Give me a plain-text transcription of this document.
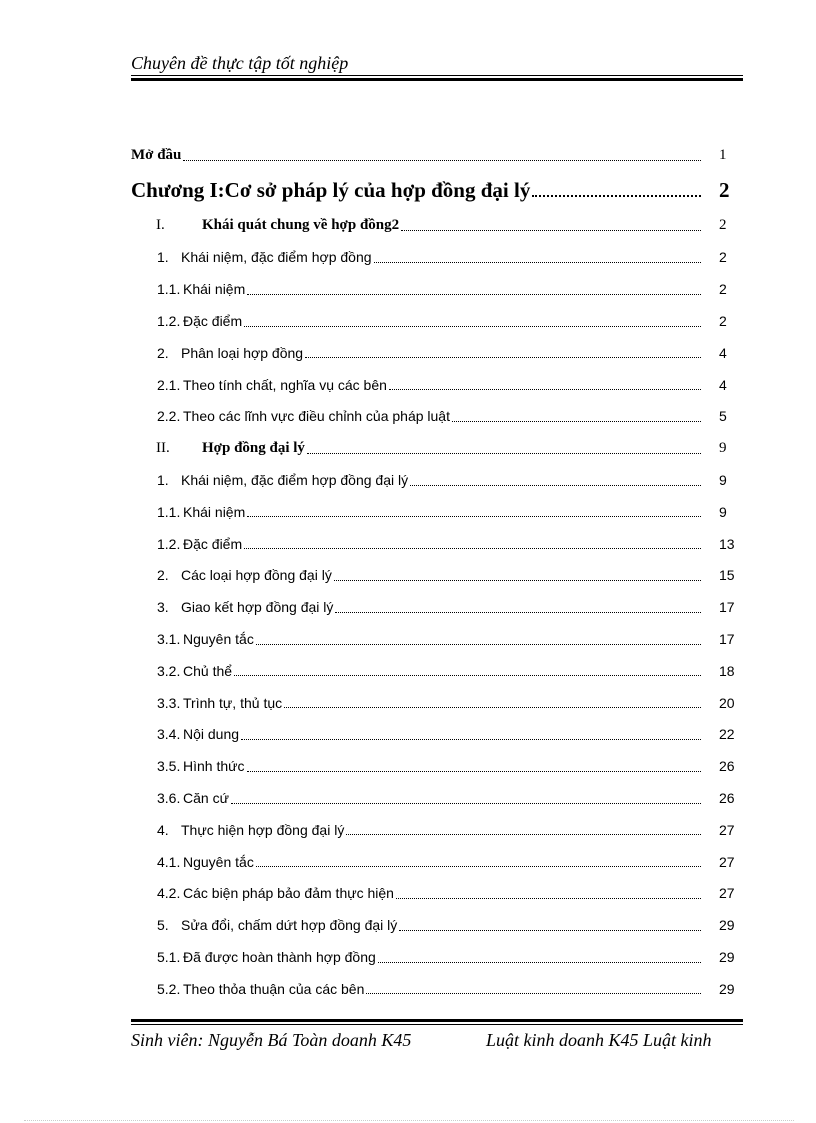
Chuyên đề thực tập tốt nghiệp
Mở đầu	1
Chương I:Cơ sở pháp lý của hợp đồng đại lý	2
I. Khái quát chung về hợp đồng2	2
1. Khái niệm, đặc điểm hợp đồng	2
1.1. Khái niệm	2
1.2. Đặc điểm	2
2. Phân loại hợp đồng	4
2.1. Theo tính chất, nghĩa vụ các bên	4
2.2. Theo các lĩnh vực điều chỉnh của pháp luật	5
II. Hợp đồng đại lý	9
1. Khái niệm, đặc điểm hợp đồng đại lý	9
1.1. Khái niệm	9
1.2. Đặc điểm	13
2. Các loại hợp đồng đại lý	15
3. Giao kết hợp đồng đại lý	17
3.1. Nguyên tắc	17
3.2. Chủ thể	18
3.3. Trình tự, thủ tục	20
3.4. Nội dung	22
3.5. Hình thức	26
3.6. Căn cứ	26
4. Thực hiện hợp đồng đại lý	27
4.1. Nguyên tắc	27
4.2. Các biện pháp bảo đảm thực hiện	27
5. Sửa đổi, chấm dứt hợp đồng đại lý	29
5.1. Đã được hoàn thành hợp đồng	29
5.2. Theo thỏa thuận của các bên	29
Sinh viên: Nguyễn Bá Toàn doanh K45	Luật kinh doanh K45 Luật kinh
